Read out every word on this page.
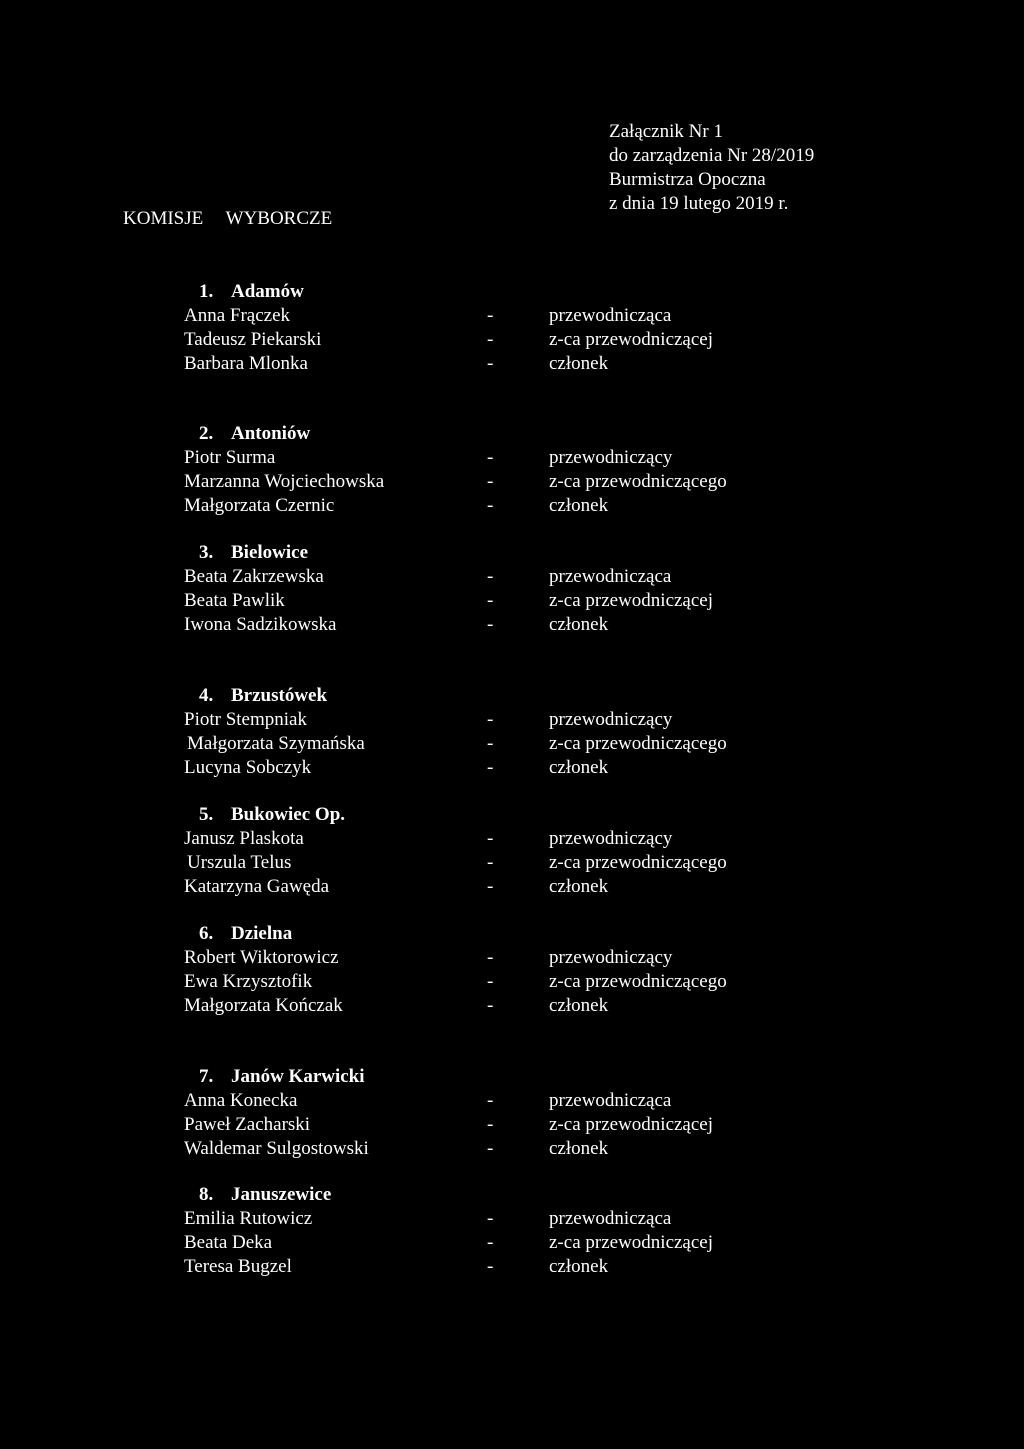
Załącznik Nr 1
do zarządzenia Nr 28/2019
Burmistrza Opoczna
z dnia 19 lutego 2019 r.
KOMISJE WYBORCZE
1. Adamów
Anna Frączek	-	przewodnicząca
Tadeusz Piekarski	-	z-ca przewodniczącej
Barbara Mlonka	-	członek
2. Antoniów
Piotr Surma	-	przewodniczący
Marzanna Wojciechowska	-	z-ca przewodniczącego
Małgorzata Czernic	-	członek
3. Bielowice
Beata Zakrzewska	-	przewodnicząca
Beata Pawlik	-	z-ca przewodniczącej
Iwona Sadzikowska	-	członek
4. Brzustówek
Piotr Stempniak	-	przewodniczący
Małgorzata Szymańska	-	z-ca przewodniczącego
Lucyna Sobczyk	-	członek
5. Bukowiec Op.
Janusz Plaskota	-	przewodniczący
Urszula Telus	-	z-ca przewodniczącego
Katarzyna Gawęda	-	członek
6. Dzielna
Robert Wiktorowicz	-	przewodniczący
Ewa Krzysztofik	-	z-ca przewodniczącego
Małgorzata Kończak	-	członek
7. Janów Karwicki
Anna Konecka	-	przewodnicząca
Paweł Zacharski	-	z-ca przewodniczącej
Waldemar Sulgostowski	-	członek
8. Januszewice
Emilia Rutowicz	-	przewodnicząca
Beata Deka	-	z-ca przewodniczącej
Teresa Bugzel	-	członek
